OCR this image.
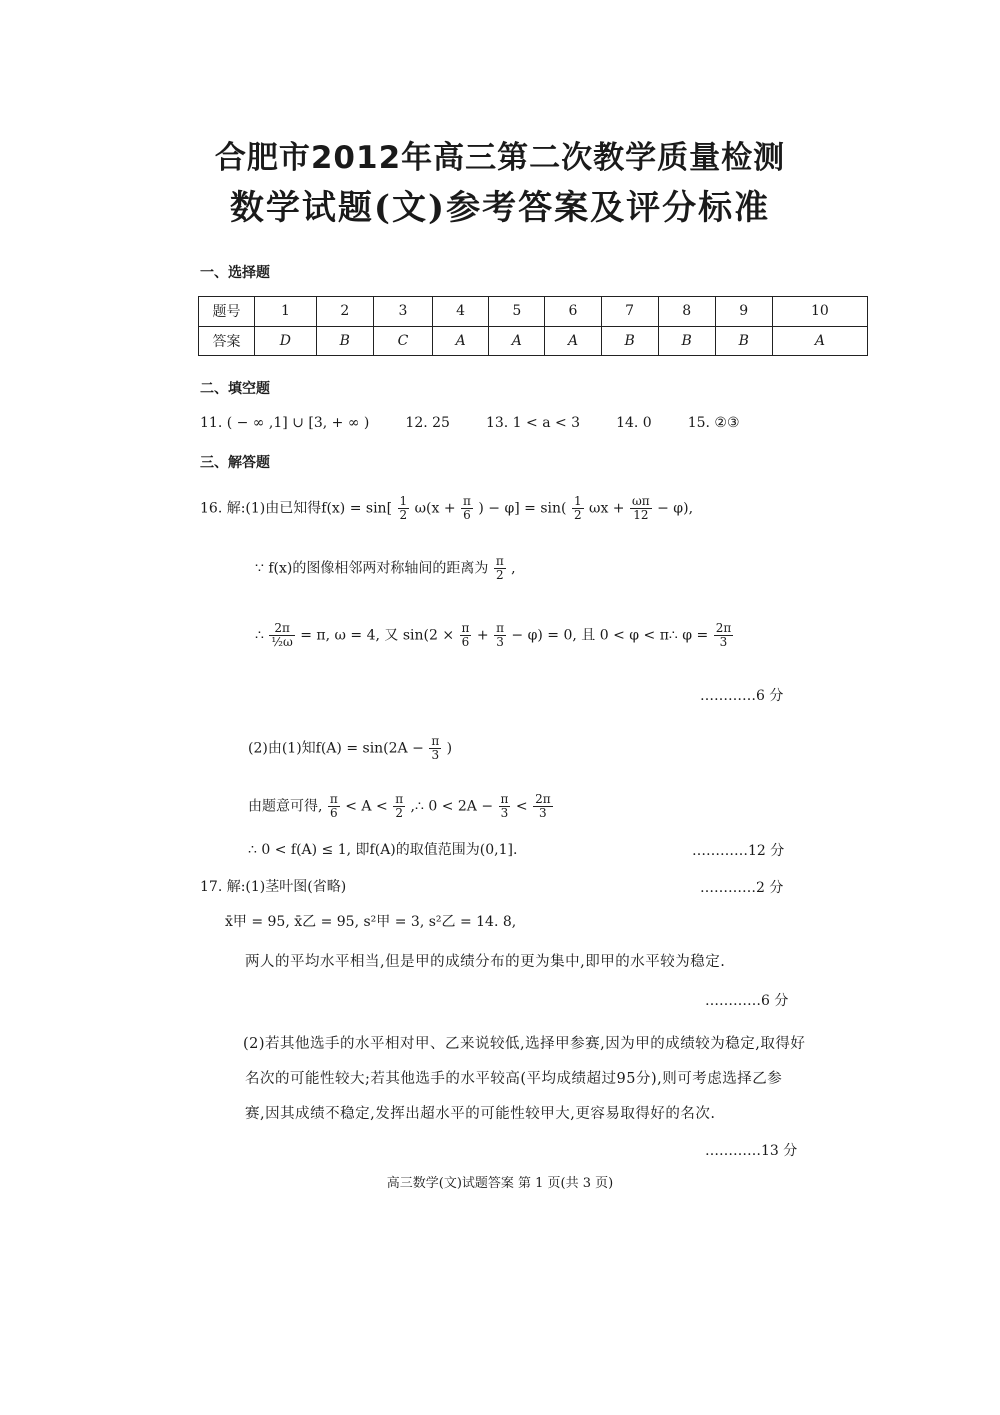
合肥市2012年高三第二次教学质量检测
数学试题(文)参考答案及评分标准
一、选择题
题号	1	2	3	4	5	6	7	8	9	10
答案	D	B	C	A	A	A	B	B	B	A
二、填空题
11. ( − ∞ ,1] ∪ [3, + ∞ )	12. 25	13. 1 < a < 3	14. 0	15. ②③
三、解答题
16. 解:(1)由已知得$f(x) = \sin[ \frac{1}{2} \omega(x + \frac{\pi}{6}$ ) − $\varphi] = \sin( \frac{1}{2}$ $\omega x + \frac{\omega\pi}{12} - \varphi$),
∵ f(x)的图像相邻两对称轴间的距离为 $\frac{\pi}{2}$ ,
∴ $\frac{2\pi}{\text{½ω}} = \pi$, ω = 4, 又 $\sin(2 \times \frac{\pi}{6} + \frac{\pi}{3} - \varphi) = 0$, 且 0 < φ < π∴ $\varphi = \frac{2\pi}{3}$
…………6 分
(2)由(1)知$f(A) = \sin(2A - \frac{\pi}{3}$ )
由题意可得, $\frac{\pi}{6} < A < \frac{\pi}{2}$ ,∴ $0 < 2A - \frac{\pi}{3} < \frac{2\pi}{3}$
∴ 0 < f(A) ≤ 1, 即f(A)的取值范围为(0,1].	…………12 分
17. 解:(1)茎叶图(省略)	…………2 分
x̄甲 = 95, x̄乙 = 95, s²甲 = 3, s²乙 = 14. 8,
两人的平均水平相当,但是甲的成绩分布的更为集中,即甲的水平较为稳定.
…………6 分
(2)若其他选手的水平相对甲、乙来说较低,选择甲参赛,因为甲的成绩较为稳定,取得好
名次的可能性较大;若其他选手的水平较高(平均成绩超过95分),则可考虑选择乙参
赛,因其成绩不稳定,发挥出超水平的可能性较甲大,更容易取得好的名次.
…………13 分
高三数学(文)试题答案 第 1 页(共 3 页)
